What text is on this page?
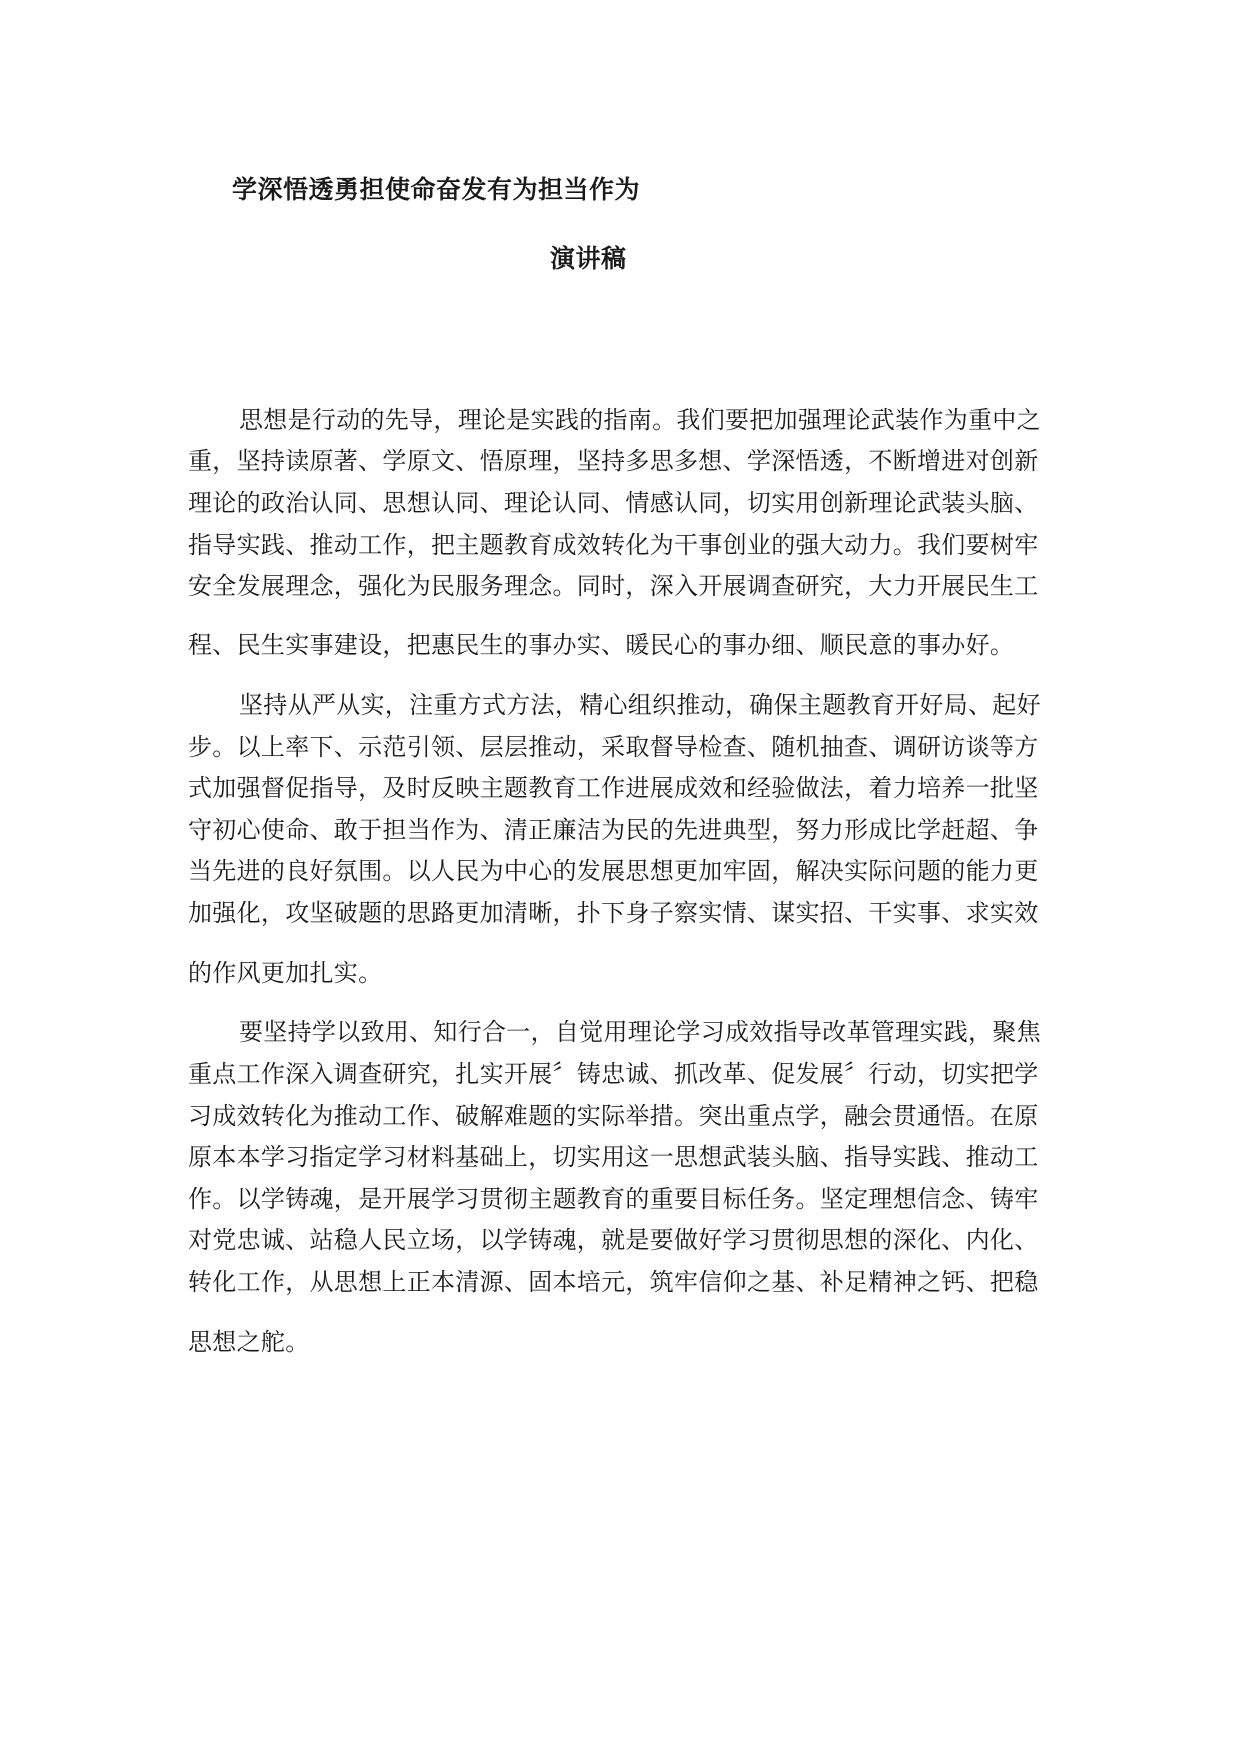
学深悟透勇担使命奋发有为担当作为
演讲稿
思想是行动的先导，理论是实践的指南。我们要把加强理论武装作为重中之
重，坚持读原著、学原文、悟原理，坚持多思多想、学深悟透，不断增进对创新
理论的政治认同、思想认同、理论认同、情感认同，切实用创新理论武装头脑、
指导实践、推动工作，把主题教育成效转化为干事创业的强大动力。我们要树牢
安全发展理念，强化为民服务理念。同时，深入开展调查研究，大力开展民生工
程、民生实事建设，把惠民生的事办实、暖民心的事办细、顺民意的事办好。
坚持从严从实，注重方式方法，精心组织推动，确保主题教育开好局、起好
步。以上率下、示范引领、层层推动，采取督导检查、随机抽查、调研访谈等方
式加强督促指导，及时反映主题教育工作进展成效和经验做法，着力培养一批坚
守初心使命、敢于担当作为、清正廉洁为民的先进典型，努力形成比学赶超、争
当先进的良好氛围。以人民为中心的发展思想更加牢固，解决实际问题的能力更
加强化，攻坚破题的思路更加清晰，扑下身子察实情、谋实招、干实事、求实效
的作风更加扎实。
要坚持学以致用、知行合一，自觉用理论学习成效指导改革管理实践，聚焦
重点工作深入调查研究，扎实开展〞铸忠诚、抓改革、促发展〞行动，切实把学
习成效转化为推动工作、破解难题的实际举措。突出重点学，融会贯通悟。在原
原本本学习指定学习材料基础上，切实用这一思想武装头脑、指导实践、推动工
作。以学铸魂，是开展学习贯彻主题教育的重要目标任务。坚定理想信念、铸牢
对党忠诚、站稳人民立场，以学铸魂，就是要做好学习贯彻思想的深化、内化、
转化工作，从思想上正本清源、固本培元，筑牢信仰之基、补足精神之钙、把稳
思想之舵。
